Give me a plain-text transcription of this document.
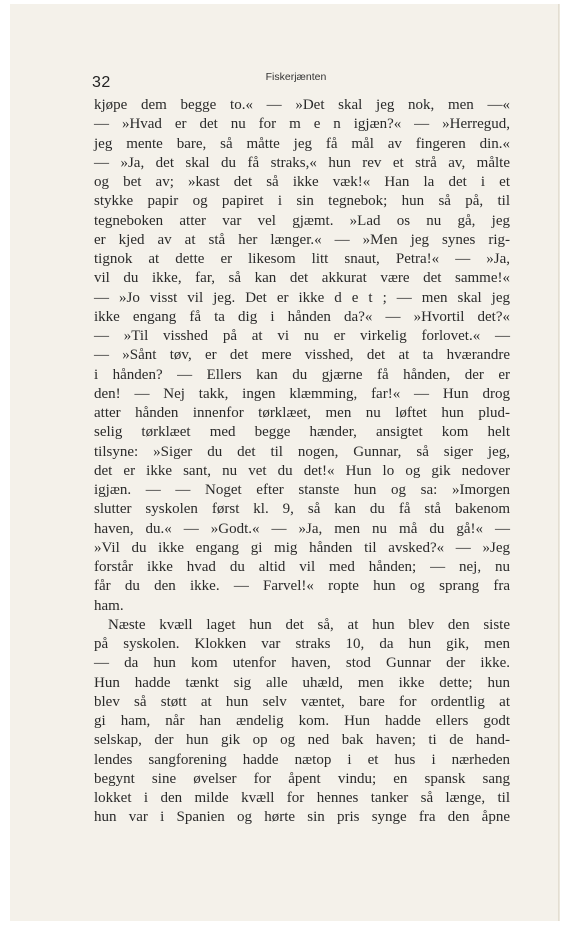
32	Fiskerjænten
kjøpe dem begge to.« — »Det skal jeg nok, men —«
— »Hvad er det nu for m e n igjæn?« — »Herregud,
jeg mente bare, så måtte jeg få mål av fingeren din.«
— »Ja, det skal du få straks,« hun rev et strå av, målte
og bet av; »kast det så ikke væk!« Han la det i et
stykke papir og papiret i sin tegnebok; hun så på, til
tegneboken atter var vel gjæmt. »Lad os nu gå, jeg
er kjed av at stå her længer.« — »Men jeg synes rig-
tignok at dette er likesom litt snaut, Petra!« — »Ja,
vil du ikke, far, så kan det akkurat være det samme!«
— »Jo visst vil jeg. Det er ikke d e t ; — men skal jeg
ikke engang få ta dig i hånden da?« — »Hvortil det?«
— »Til visshed på at vi nu er virkelig forlovet.« —
— »Sånt tøv, er det mere visshed, det at ta hværandre
i hånden? — Ellers kan du gjærne få hånden, der er
den! — Nej takk, ingen klæmming, far!« — Hun drog
atter hånden innenfor tørklæet, men nu løftet hun plud-
selig tørklæet med begge hænder, ansigtet kom helt
tilsyne: »Siger du det til nogen, Gunnar, så siger jeg,
det er ikke sant, nu vet du det!« Hun lo og gik nedover
igjæn. — — Noget efter stanste hun og sa: »Imorgen
slutter syskolen først kl. 9, så kan du få stå bakenom
haven, du.« — »Godt.« — »Ja, men nu må du gå!« —
»Vil du ikke engang gi mig hånden til avsked?« — »Jeg
forstår ikke hvad du altid vil med hånden; — nej, nu
får du den ikke. — Farvel!« ropte hun og sprang fra
ham.
Næste kvæll laget hun det så, at hun blev den siste
på syskolen. Klokken var straks 10, da hun gik, men
— da hun kom utenfor haven, stod Gunnar der ikke.
Hun hadde tænkt sig alle uhæld, men ikke dette; hun
blev så støtt at hun selv væntet, bare for ordentlig at
gi ham, når han ændelig kom. Hun hadde ellers godt
selskap, der hun gik op og ned bak haven; ti de hand-
lendes sangforening hadde nætop i et hus i nærheden
begynt sine øvelser for åpent vindu; en spansk sang
lokket i den milde kvæll for hennes tanker så længe, til
hun var i Spanien og hørte sin pris synge fra den åpne
